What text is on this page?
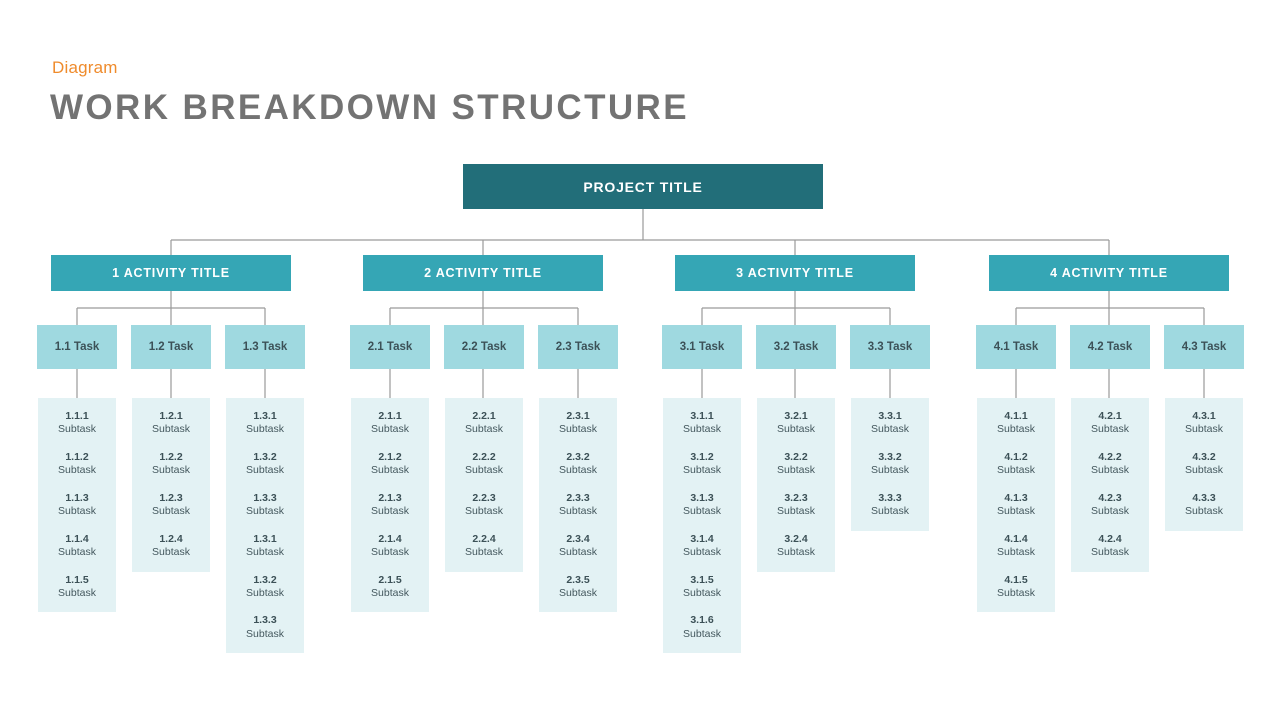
Diagram
WORK BREAKDOWN STRUCTURE
PROJECT TITLE
1 ACTIVITY TITLE
1.1 Task	1.2 Task	1.3 Task
1.1.1
Subtask
1.1.2
Subtask
1.1.3
Subtask
1.1.4
Subtask
1.1.5
Subtask
1.2.1
Subtask
1.2.2
Subtask
1.2.3
Subtask
1.2.4
Subtask
1.3.1
Subtask
1.3.2
Subtask
1.3.3
Subtask
1.3.1
Subtask
1.3.2
Subtask
1.3.3
Subtask
2 ACTIVITY TITLE
2.1 Task	2.2 Task	2.3 Task
2.1.1
Subtask
2.1.2
Subtask
2.1.3
Subtask
2.1.4
Subtask
2.1.5
Subtask
2.2.1
Subtask
2.2.2
Subtask
2.2.3
Subtask
2.2.4
Subtask
2.3.1
Subtask
2.3.2
Subtask
2.3.3
Subtask
2.3.4
Subtask
2.3.5
Subtask
3 ACTIVITY TITLE
3.1 Task	3.2 Task	3.3 Task
3.1.1
Subtask
3.1.2
Subtask
3.1.3
Subtask
3.1.4
Subtask
3.1.5
Subtask
3.1.6
Subtask
3.2.1
Subtask
3.2.2
Subtask
3.2.3
Subtask
3.2.4
Subtask
3.3.1
Subtask
3.3.2
Subtask
3.3.3
Subtask
4 ACTIVITY TITLE
4.1 Task	4.2 Task	4.3 Task
4.1.1
Subtask
4.1.2
Subtask
4.1.3
Subtask
4.1.4
Subtask
4.1.5
Subtask
4.2.1
Subtask
4.2.2
Subtask
4.2.3
Subtask
4.2.4
Subtask
4.3.1
Subtask
4.3.2
Subtask
4.3.3
Subtask
